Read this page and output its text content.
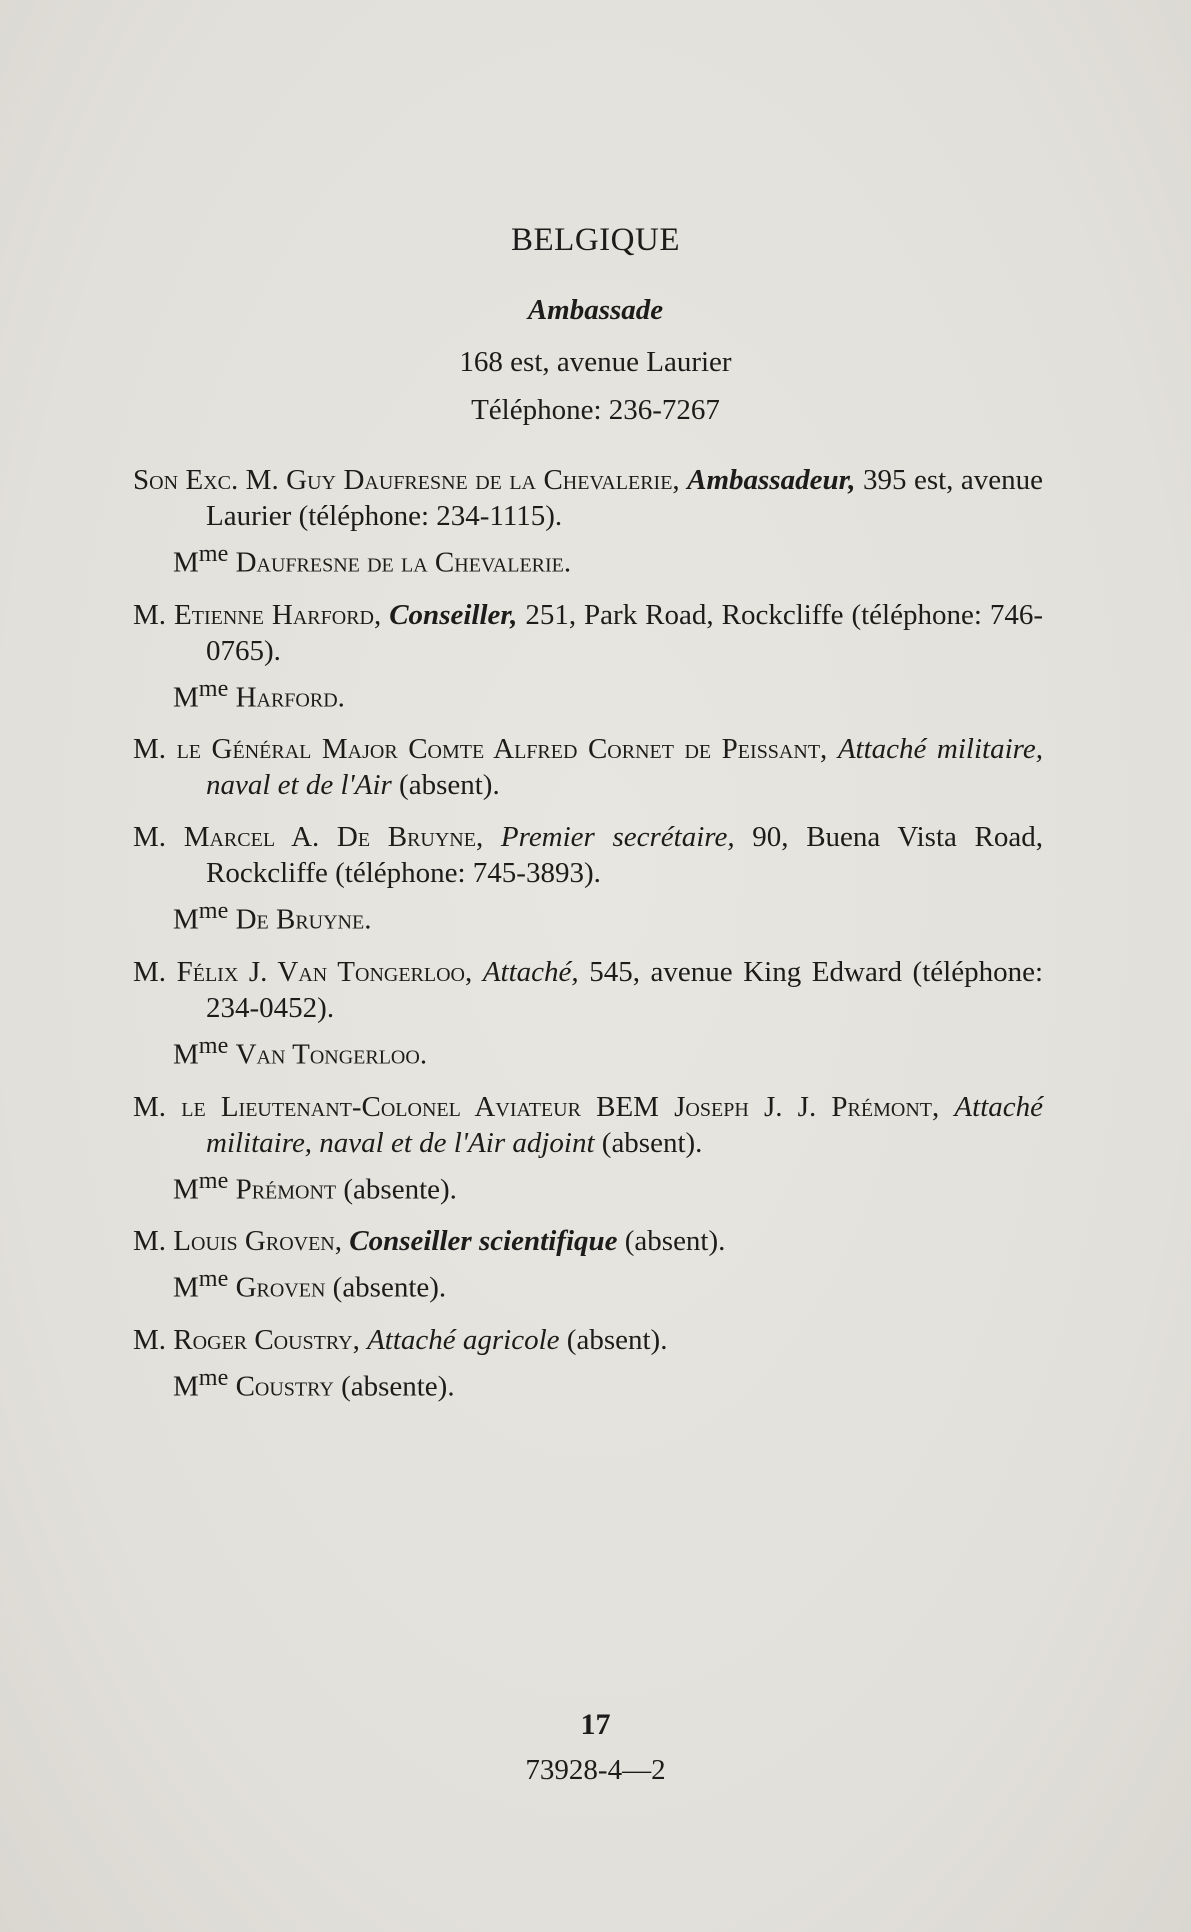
BELGIQUE
Ambassade
168 est, avenue Laurier
Téléphone: 236-7267
Son Exc. M. Guy Daufresne de la Chevalerie, Ambassadeur, 395 est, avenue Laurier (téléphone: 234-1115).
$M^{me}$ Daufresne de la Chevalerie.
M. Etienne Harford, Conseiller, 251, Park Road, Rockcliffe (téléphone: 746-0765).
$M^{me}$ Harford.
M. le Général Major Comte Alfred Cornet de Peissant, Attaché militaire, naval et de l'Air (absent).
M. Marcel A. De Bruyne, Premier secrétaire, 90, Buena Vista Road, Rockcliffe (téléphone: 745-3893).
$M^{me}$ De Bruyne.
M. Félix J. Van Tongerloo, Attaché, 545, avenue King Edward (téléphone: 234-0452).
$M^{me}$ Van Tongerloo.
M. le Lieutenant-Colonel Aviateur BEM Joseph J. J. Prémont, Attaché militaire, naval et de l'Air adjoint (absent).
$M^{me}$ Prémont (absente).
M. Louis Groven, Conseiller scientifique (absent).
$M^{me}$ Groven (absente).
M. Roger Coustry, Attaché agricole (absent).
$M^{me}$ Coustry (absente).
17
73928-4—2
